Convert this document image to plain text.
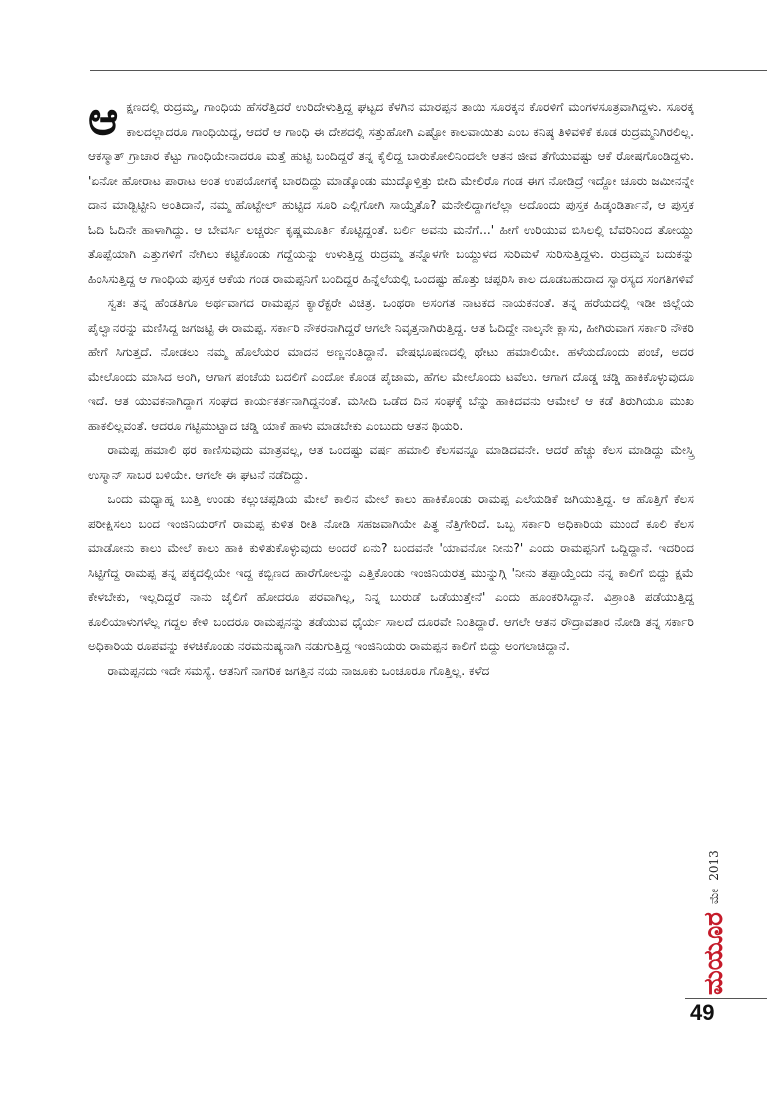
ಆಕ್ಷಣದಲ್ಲಿ ರುದ್ರಮ್ಮ, ಗಾಂಧಿಯ ಹೆಸರೆತ್ತಿದರೆ ಉರಿದೇಳುತ್ತಿದ್ದ ಘಟ್ಟದ ಕೆಳಗಿನ ಮಾರಪ್ಪನ ತಾಯಿ ಸೂರಕ್ಕನ ಕೊರಳಿಗೆ ಮಂಗಳಸೂತ್ರವಾಗಿದ್ದಳು. ಸೂರಕ್ಕ ಕಾಲದಲ್ಲಾದರೂ ಗಾಂಧಿಯಿದ್ದ, ಆದರೆ ಆ ಗಾಂಧಿ ಈ ದೇಶದಲ್ಲಿ ಸತ್ತುಹೋಗಿ ಎಷ್ಟೋ ಕಾಲವಾಯಿತು ಎಂಬ ಕನಿಷ್ಠ ತಿಳಿವಳಿಕೆ ಕೂಡ ರುದ್ರಮ್ಮನಿಗಿರಲಿಲ್ಲ. ಆಕಸ್ಮಾತ್ ಗ್ರಾಚಾರ ಕೆಟ್ಟು ಗಾಂಧಿಯೇನಾದರೂ ಮತ್ತೆ ಹುಟ್ಟಿ ಬಂದಿದ್ದರೆ ತನ್ನ ಕೈಲಿದ್ದ ಬಾರುಕೋಲಿನಿಂದಲೇ ಆತನ ಜೀವ ತೆಗೆಯುವಷ್ಟು ಆಕೆ ರೋಷಗೊಂಡಿದ್ದಳು. 'ಏನೋ ಹೋರಾಟ ಪಾರಾಟ ಅಂತ ಉಪಯೋಗಕ್ಕೆ ಬಾರದಿದ್ದು ಮಾಡ್ಕೊಂಡು ಮುದ್ಕೊಳ್ತಿತ್ತು ಬೀದಿ ಮೇಲಿರೊ ಗಂಡ ಈಗ ನೋಡಿದ್ರೆ ಇದ್ದೋ ಚೂರು ಜಮೀನನ್ನೇ ದಾನ ಮಾಡ್ಬಿಟ್ಟೀನಿ ಅಂತಿದಾನೆ, ನಮ್ಮ ಹೊಟ್ಟೇಲ್ ಹುಟ್ಟಿದ ಸೂರಿ ಎಲ್ಲಿಗೋಗಿ ಸಾಯ್ತೈತೊ? ಮನೇಲಿದ್ದಾಗಲೆಲ್ಲಾ ಅದೊಂದು ಪುಸ್ತಕ ಹಿಡ್ಕಂಡಿರ್ತಾನೆ, ಆ ಪುಸ್ತಕ ಓದಿ ಓದಿನೇ ಹಾಳಾಗಿದ್ದು. ಆ ಬೇವರ್ಸಿ ಲಚ್ಚರ್ರು ಕೃಷ್ಣಮೂರ್ತಿ ಕೊಟ್ಟಿದ್ದಂತೆ. ಬರ್ಲಿ ಅವನು ಮನೆಗೆ...' ಹೀಗೆ ಉರಿಯುವ ಬಿಸಿಲಲ್ಲಿ ಬೆವರಿನಿಂದ ತೋಯ್ದು ತೊಪ್ಪೆಯಾಗಿ ಎತ್ತುಗಳಿಗೆ ನೇಗಿಲು ಕಟ್ಟಿಕೊಂಡು ಗದ್ದೆಯನ್ನು ಉಳುತ್ತಿದ್ದ ರುದ್ರಮ್ಮ ತನ್ನೊಳಗೇ ಬಯ್ದುಳದ ಸುರಿಮಳೆ ಸುರಿಸುತ್ತಿದ್ದಳು. ರುದ್ರಮ್ಮನ ಬದುಕನ್ನು ಹಿಂಸಿಸುತ್ತಿದ್ದ ಆ ಗಾಂಧಿಯ ಪುಸ್ತಕ ಆಕೆಯ ಗಂಡ ರಾಮಪ್ಪನಿಗೆ ಬಂದಿದ್ದರ ಹಿನ್ನೆಲೆಯಲ್ಲಿ ಒಂದಷ್ಟು ಹೊತ್ತು ಚಪ್ಪರಿಸಿ ಕಾಲ ದೂಡಬಹುದಾದ ಸ್ವಾರಸ್ಯದ ಸಂಗತಿಗಳಿವೆ

ಸ್ವತಃ ತನ್ನ ಹೆಂಡತಿಗೂ ಅರ್ಥವಾಗದ ರಾಮಪ್ಪನ ಕ್ಯಾರೆಕ್ಟರೇ ವಿಚಿತ್ರ. ಒಂಥರಾ ಅಸಂಗತ ನಾಟಕದ ನಾಯಕನಂತೆ. ತನ್ನ ಹರೆಯದಲ್ಲಿ ಇಡೀ ಜಿಲ್ಲೆಯ ಪೈಲ್ವಾನರನ್ನು ಮಣಿಸಿದ್ದ ಜಗಜಟ್ಟಿ ಈ ರಾಮಪ್ಪ. ಸರ್ಕಾರಿ ನೌಕರನಾಗಿದ್ದರೆ ಆಗಲೇ ನಿವೃತ್ತನಾಗಿರುತ್ತಿದ್ದ. ಆತ ಓದಿದ್ದೇ ನಾಲ್ಕನೇ ಕ್ಲಾಸು, ಹೀಗಿರುವಾಗ ಸರ್ಕಾರಿ ನೌಕರಿ ಹೇಗೆ ಸಿಗುತ್ತದೆ. ನೋಡಲು ನಮ್ಮ ಹೊಲೆಯರ ಮಾದನ ಅಣ್ಣನಂತಿದ್ದಾನೆ. ವೇಷಭೂಷಣದಲ್ಲಿ ಥೇಟು ಹಮಾಲಿಯೇ. ಹಳೆಯದೊಂದು ಪಂಚೆ, ಅದರ ಮೇಲೊಂದು ಮಾಸಿದ ಅಂಗಿ, ಆಗಾಗ ಪಂಚೆಯ ಬದಲಿಗೆ ಎಂದೋ ಕೊಂಡ ಪೈಜಾಮ, ಹೆಗಲ ಮೇಲೊಂದು ಟವೆಲು. ಆಗಾಗ ದೊಡ್ಡ ಚಡ್ಡಿ ಹಾಕಿಕೊಳ್ಳುವುದೂ ಇದೆ. ಆತ ಯುವಕನಾಗಿದ್ದಾಗ ಸಂಘದ ಕಾರ್ಯಕರ್ತನಾಗಿದ್ದನಂತೆ. ಮಸೀದಿ ಒಡೆದ ದಿನ ಸಂಘಕ್ಕೆ ಬೆನ್ನು ಹಾಕಿದವನು ಆಮೇಲೆ ಆ ಕಡೆ ತಿರುಗಿಯೂ ಮುಖ ಹಾಕಲಿಲ್ಲವಂತೆ. ಆದರೂ ಗಟ್ಟಿಮುಟ್ಟಾದ ಚಡ್ಡಿ ಯಾಕೆ ಹಾಳು ಮಾಡಬೇಕು ಎಂಬುದು ಆತನ ಥಿಯರಿ.

ರಾಮಪ್ಪ ಹಮಾಲಿ ಥರ ಕಾಣಿಸುವುದು ಮಾತ್ರವಲ್ಲ, ಆತ ಒಂದಷ್ಟು ವರ್ಷ ಹಮಾಲಿ ಕೆಲಸವನ್ನೂ ಮಾಡಿದವನೇ. ಆದರೆ ಹೆಚ್ಚು ಕೆಲಸ ಮಾಡಿದ್ದು ಮೇಸ್ತ್ರಿ ಉಸ್ಮಾನ್ ಸಾಬರ ಬಳಿಯೇ. ಆಗಲೇ ಈ ಘಟನೆ ನಡೆದಿದ್ದು.

ಒಂದು ಮಧ್ಯಾಹ್ನ ಬುತ್ತಿ ಉಂಡು ಕಲ್ಲುಚಪ್ಪಡಿಯ ಮೇಲೆ ಕಾಲಿನ ಮೇಲೆ ಕಾಲು ಹಾಕಿಕೊಂಡು ರಾಮಪ್ಪ ಎಲೆಯಡಿಕೆ ಜಗಿಯುತ್ತಿದ್ದ. ಆ ಹೊತ್ತಿಗೆ ಕೆಲಸ ಪರೀಕ್ಷಿಸಲು ಬಂದ ಇಂಜಿನಿಯರ್‌ಗೆ ರಾಮಪ್ಪ ಕುಳಿತ ರೀತಿ ನೋಡಿ ಸಹಜವಾಗಿಯೇ ಪಿತ್ಥ ನೆತ್ತಿಗೇರಿದೆ. ಒಬ್ಬ ಸರ್ಕಾರಿ ಅಧಿಕಾರಿಯ ಮುಂದೆ ಕೂಲಿ ಕೆಲಸ ಮಾಡೋನು ಕಾಲು ಮೇಲೆ ಕಾಲು ಹಾಕಿ ಕುಳಿತುಕೊಳ್ಳುವುದು ಅಂದರೆ ಏನು? ಬಂದವನೇ 'ಯಾವನೋ ನೀನು?' ಎಂದು ರಾಮಪ್ಪನಿಗೆ ಒದ್ದಿದ್ದಾನೆ. ಇದರಿಂದ ಸಿಟ್ಟಿಗೆದ್ದ ರಾಮಪ್ಪ ತನ್ನ ಪಕ್ಕದಲ್ಲಿಯೇ ಇದ್ದ ಕಬ್ಬಿಣದ ಹಾರೆಗೋಲನ್ನು ಎತ್ತಿಕೊಂಡು ಇಂಜಿನಿಯರತ್ತ ಮುನ್ನುಗ್ಗಿ 'ನೀನು ತಪ್ಪಾಯ್ತೆಂದು ನನ್ನ ಕಾಲಿಗೆ ಬಿದ್ದು ಕ್ಷಮೆ ಕೇಳಬೇಕು, ಇಲ್ಲದಿದ್ದರೆ ನಾನು ಜೈಲಿಗೆ ಹೋದರೂ ಪರವಾಗಿಲ್ಲ, ನಿನ್ನ ಬುರುಡೆ ಒಡೆಯುತ್ತೇನೆ' ಎಂದು ಹೂಂಕರಿಸಿದ್ದಾನೆ. ವಿಶ್ರಾಂತಿ ಪಡೆಯುತ್ತಿದ್ದ ಕೂಲಿಯಾಳುಗಳೆಲ್ಲ ಗದ್ದಲ ಕೇಳಿ ಬಂದರೂ ರಾಮಪ್ಪನನ್ನು ತಡೆಯುವ ಧೈರ್ಯ ಸಾಲದೆ ದೂರವೇ ನಿಂತಿದ್ದಾರೆ. ಆಗಲೇ ಆತನ ರೌದ್ರಾವತಾರ ನೋಡಿ ತನ್ನ ಸರ್ಕಾರಿ ಅಧಿಕಾರಿಯ ರೂಪವನ್ನು ಕಳಚಿಕೊಂಡು ನರಮನುಷ್ಯನಾಗಿ ನಡುಗುತ್ತಿದ್ದ ಇಂಜಿನಿಯರು ರಾಮಪ್ಪನ ಕಾಲಿಗೆ ಬಿದ್ದು ಅಂಗಲಾಚಿದ್ದಾನೆ.

ರಾಮಪ್ಪನದು ಇದೇ ಸಮಸ್ಯೆ. ಆತನಿಗೆ ನಾಗರಿಕ ಜಗತ್ತಿನ ನಯ ನಾಜೂಕು ಒಂಚೂರೂ ಗೊತ್ತಿಲ್ಲ. ಕಳೆದ

ಮಯೂರ
ಮೇ
2013
49
